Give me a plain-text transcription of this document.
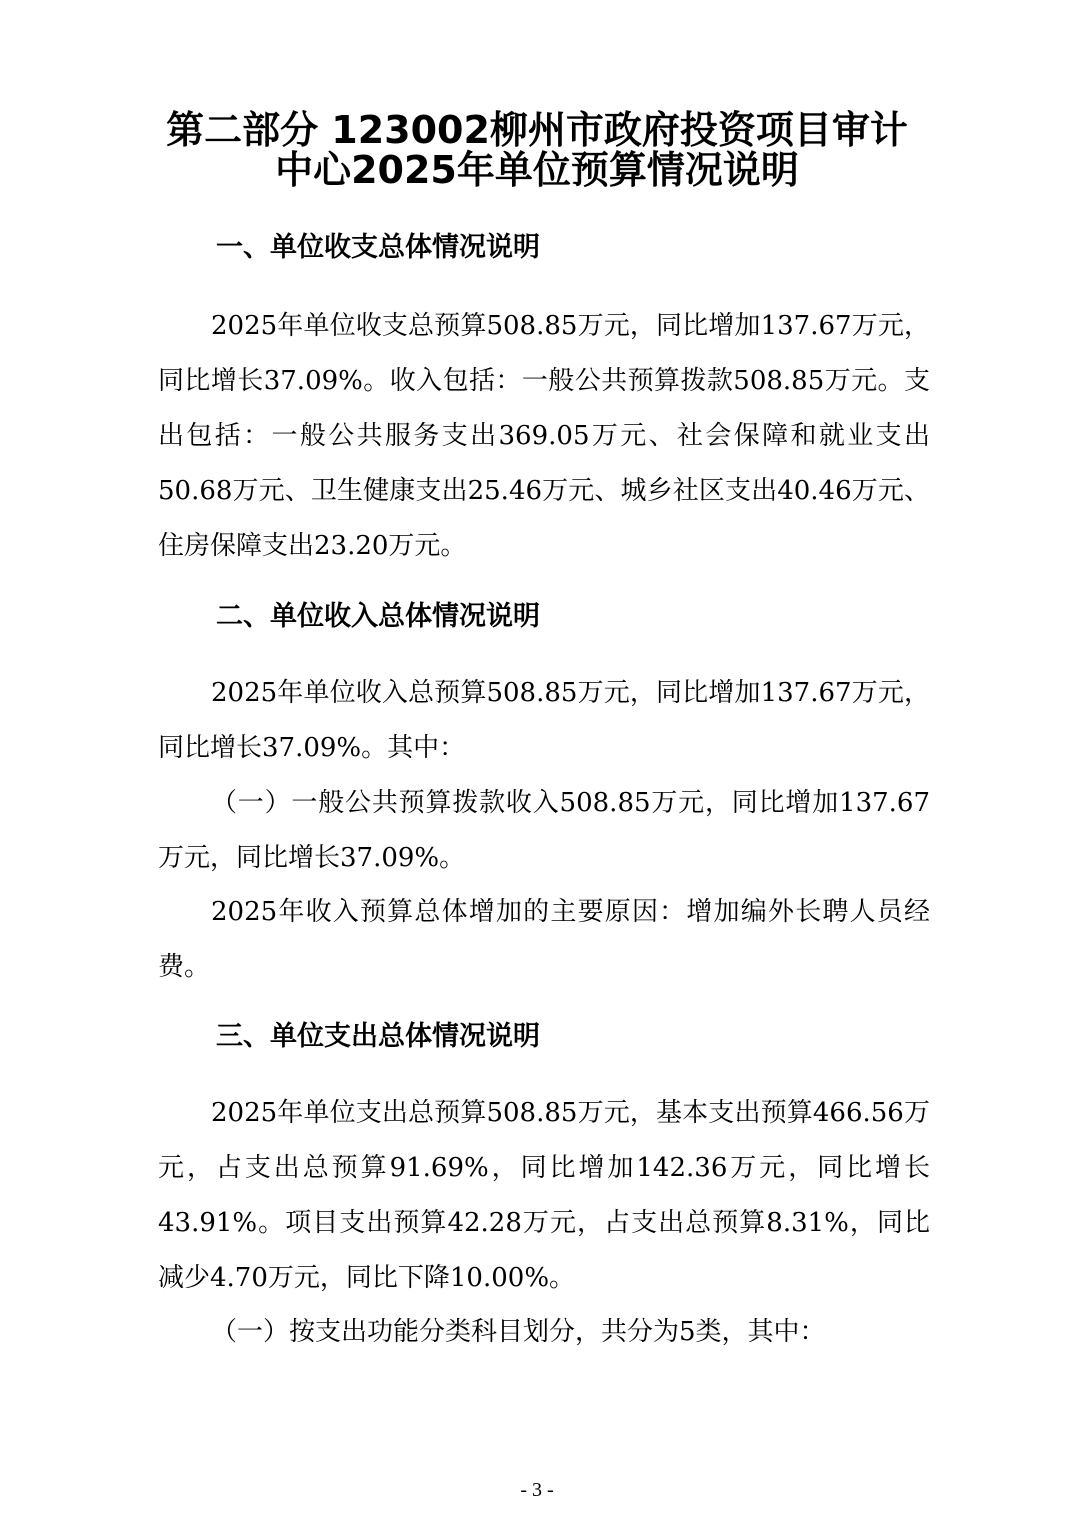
第二部分 123002柳州市政府投资项目审计
中心2025年单位预算情况说明
一、单位收支总体情况说明

2025年单位收支总预算508.85万元，同比增加137.67万元，同比增长37.09%。收入包括：一般公共预算拨款508.85万元。支出包括：一般公共服务支出369.05万元、社会保障和就业支出50.68万元、卫生健康支出25.46万元、城乡社区支出40.46万元、住房保障支出23.20万元。

二、单位收入总体情况说明

2025年单位收入总预算508.85万元，同比增加137.67万元，同比增长37.09%。其中：

（一）一般公共预算拨款收入508.85万元，同比增加137.67万元，同比增长37.09%。

2025年收入预算总体增加的主要原因：增加编外长聘人员经费。

三、单位支出总体情况说明

2025年单位支出总预算508.85万元，基本支出预算466.56万元，占支出总预算91.69%，同比增加142.36万元，同比增长43.91%。项目支出预算42.28万元，占支出总预算8.31%，同比减少4.70万元，同比下降10.00%。

（一）按支出功能分类科目划分，共分为5类，其中：

- 3 -
